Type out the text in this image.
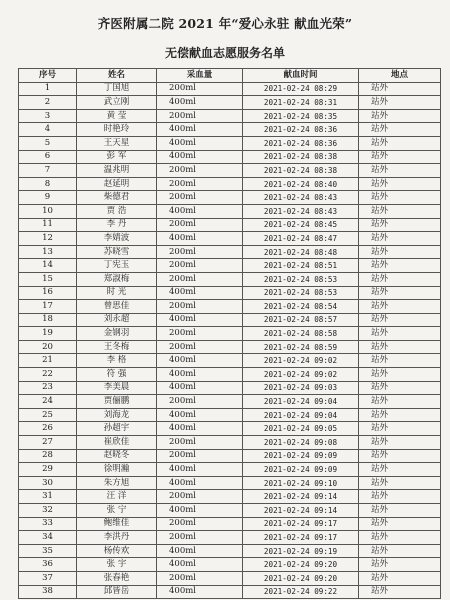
齐医附属二院 2021 年“爱心永驻 献血光荣”
无偿献血志愿服务名单
序号	姓名	采血量	献血时间	地点
1	丁国旭	200ml	2021-02-24 08:29	站外
2	武立刚	400ml	2021-02-24 08:31	站外
3	黄 莹	200ml	2021-02-24 08:35	站外
4	时艳玲	400ml	2021-02-24 08:36	站外
5	王天星	400ml	2021-02-24 08:36	站外
6	彭 军	400ml	2021-02-24 08:38	站外
7	温兆明	200ml	2021-02-24 08:38	站外
8	赵延明	200ml	2021-02-24 08:40	站外
9	柴德君	200ml	2021-02-24 08:43	站外
10	贾 浩	400ml	2021-02-24 08:43	站外
11	李 丹	200ml	2021-02-24 08:45	站外
12	李婧波	400ml	2021-02-24 08:47	站外
13	苏晓雪	200ml	2021-02-24 08:48	站外
14	丁宪玉	200ml	2021-02-24 08:51	站外
15	郑淑梅	200ml	2021-02-24 08:53	站外
16	时 光	400ml	2021-02-24 08:53	站外
17	曾思佳	200ml	2021-02-24 08:54	站外
18	刘永超	400ml	2021-02-24 08:57	站外
19	金钢羽	200ml	2021-02-24 08:58	站外
20	王冬梅	200ml	2021-02-24 08:59	站外
21	李 格	400ml	2021-02-24 09:02	站外
22	符 强	400ml	2021-02-24 09:02	站外
23	李美晨	400ml	2021-02-24 09:03	站外
24	贾俪鹏	200ml	2021-02-24 09:04	站外
25	刘海龙	400ml	2021-02-24 09:04	站外
26	孙超宇	400ml	2021-02-24 09:05	站外
27	崔欣佳	200ml	2021-02-24 09:08	站外
28	赵晓冬	200ml	2021-02-24 09:09	站外
29	徐明瀚	400ml	2021-02-24 09:09	站外
30	朱方旭	400ml	2021-02-24 09:10	站外
31	汪 洋	200ml	2021-02-24 09:14	站外
32	张 宁	400ml	2021-02-24 09:14	站外
33	鲍维佳	200ml	2021-02-24 09:17	站外
34	李洪丹	200ml	2021-02-24 09:17	站外
35	杨传欢	400ml	2021-02-24 09:19	站外
36	张 宇	400ml	2021-02-24 09:20	站外
37	张春艳	200ml	2021-02-24 09:20	站外
38	邱皆岳	400ml	2021-02-24 09:22	站外
